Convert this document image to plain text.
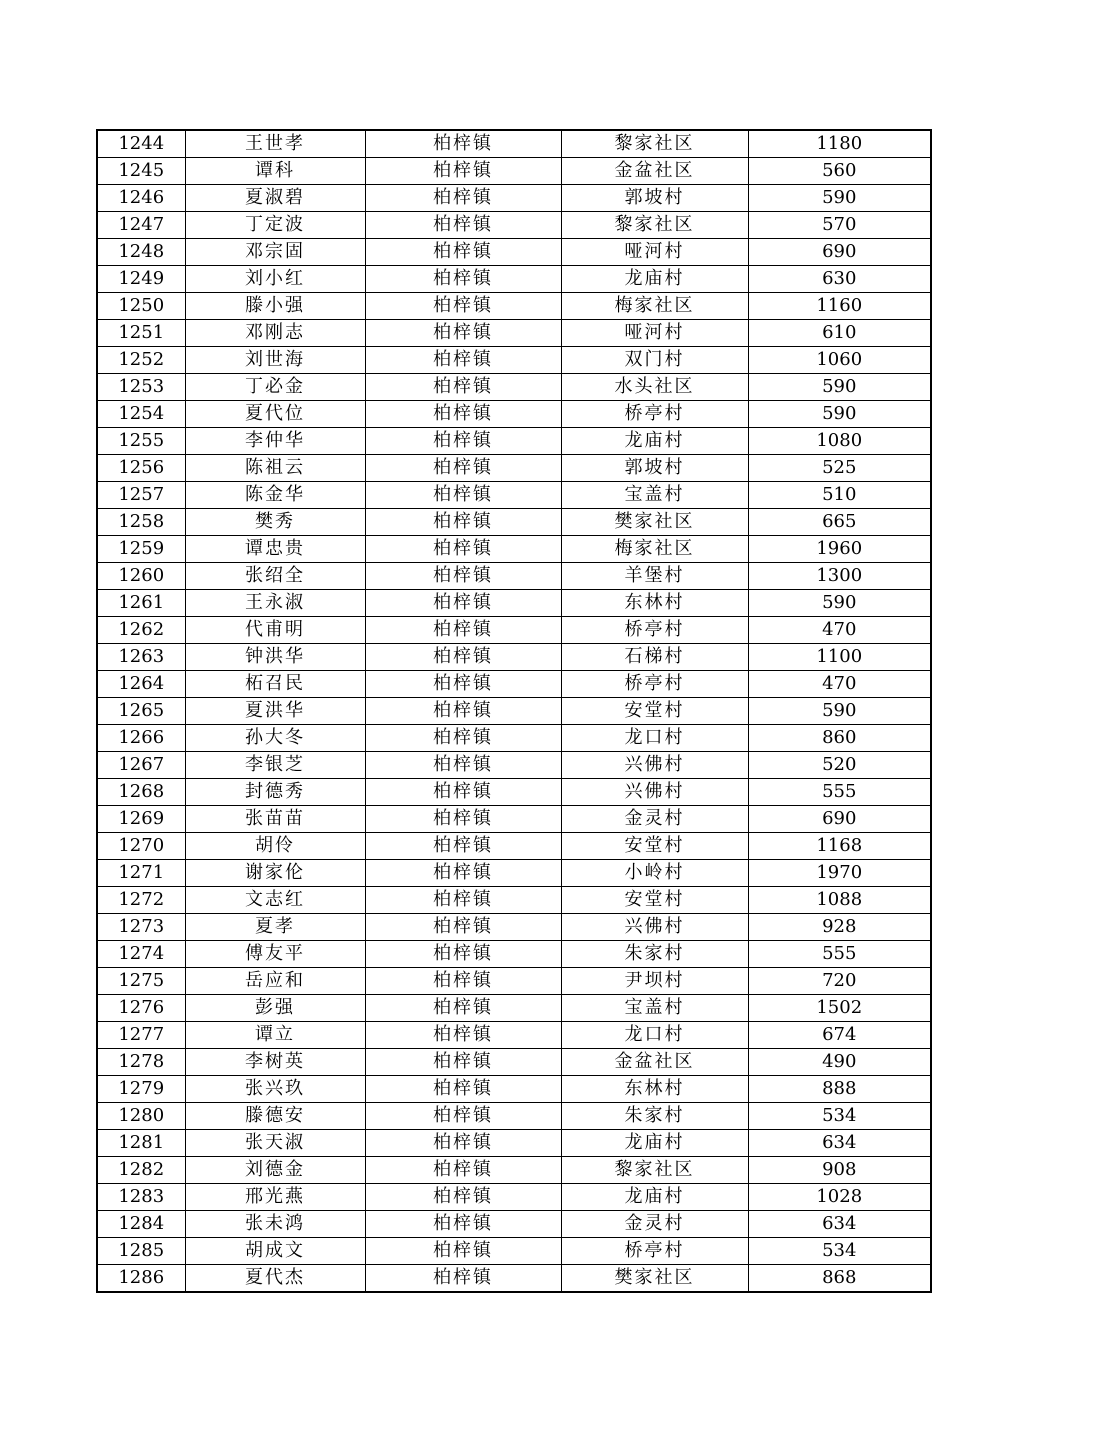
1244	王世孝	柏梓镇	黎家社区	1180
1245	谭科	柏梓镇	金盆社区	560
1246	夏淑碧	柏梓镇	郭坡村	590
1247	丁定波	柏梓镇	黎家社区	570
1248	邓宗固	柏梓镇	哑河村	690
1249	刘小红	柏梓镇	龙庙村	630
1250	滕小强	柏梓镇	梅家社区	1160
1251	邓刚志	柏梓镇	哑河村	610
1252	刘世海	柏梓镇	双门村	1060
1253	丁必金	柏梓镇	水头社区	590
1254	夏代位	柏梓镇	桥亭村	590
1255	李仲华	柏梓镇	龙庙村	1080
1256	陈祖云	柏梓镇	郭坡村	525
1257	陈金华	柏梓镇	宝盖村	510
1258	樊秀	柏梓镇	樊家社区	665
1259	谭忠贵	柏梓镇	梅家社区	1960
1260	张绍全	柏梓镇	羊堡村	1300
1261	王永淑	柏梓镇	东林村	590
1262	代甫明	柏梓镇	桥亭村	470
1263	钟洪华	柏梓镇	石梯村	1100
1264	柘召民	柏梓镇	桥亭村	470
1265	夏洪华	柏梓镇	安堂村	590
1266	孙大冬	柏梓镇	龙口村	860
1267	李银芝	柏梓镇	兴佛村	520
1268	封德秀	柏梓镇	兴佛村	555
1269	张苗苗	柏梓镇	金灵村	690
1270	胡伶	柏梓镇	安堂村	1168
1271	谢家伦	柏梓镇	小岭村	1970
1272	文志红	柏梓镇	安堂村	1088
1273	夏孝	柏梓镇	兴佛村	928
1274	傅友平	柏梓镇	朱家村	555
1275	岳应和	柏梓镇	尹坝村	720
1276	彭强	柏梓镇	宝盖村	1502
1277	谭立	柏梓镇	龙口村	674
1278	李树英	柏梓镇	金盆社区	490
1279	张兴玖	柏梓镇	东林村	888
1280	滕德安	柏梓镇	朱家村	534
1281	张天淑	柏梓镇	龙庙村	634
1282	刘德金	柏梓镇	黎家社区	908
1283	邢光燕	柏梓镇	龙庙村	1028
1284	张未鸿	柏梓镇	金灵村	634
1285	胡成文	柏梓镇	桥亭村	534
1286	夏代杰	柏梓镇	樊家社区	868
